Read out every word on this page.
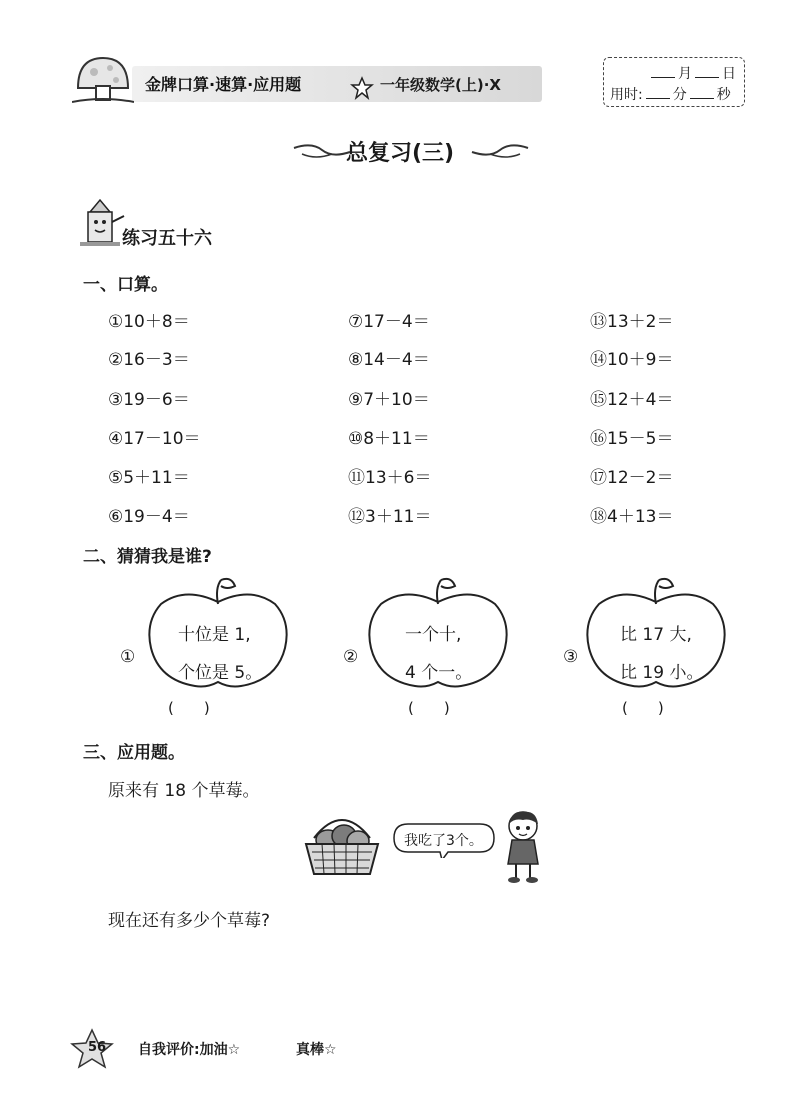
金牌口算·速算·应用题	一年级数学(上)·X
月 日
用时: 分 秒
总复习(三)
练习五十六
一、口算。
①10＋8＝	⑦17－4＝	⑬13＋2＝
②16－3＝	⑧14－4＝	⑭10＋9＝
③19－6＝	⑨7＋10＝	⑮12＋4＝
④17－10＝	⑩8＋11＝	⑯15－5＝
⑤5＋11＝	⑪13＋6＝	⑰12－2＝
⑥19－4＝	⑫3＋11＝	⑱4＋13＝
二、猜猜我是谁?
①
十位是 1,
个位是 5。
(　　)
②
一个十,
4 个一。
(　　)
③
比 17 大,
比 19 小。
(　　)
三、应用题。
原来有 18 个草莓。
我吃了3个。
现在还有多少个草莓?
56 自我评价:加油☆	真棒☆
